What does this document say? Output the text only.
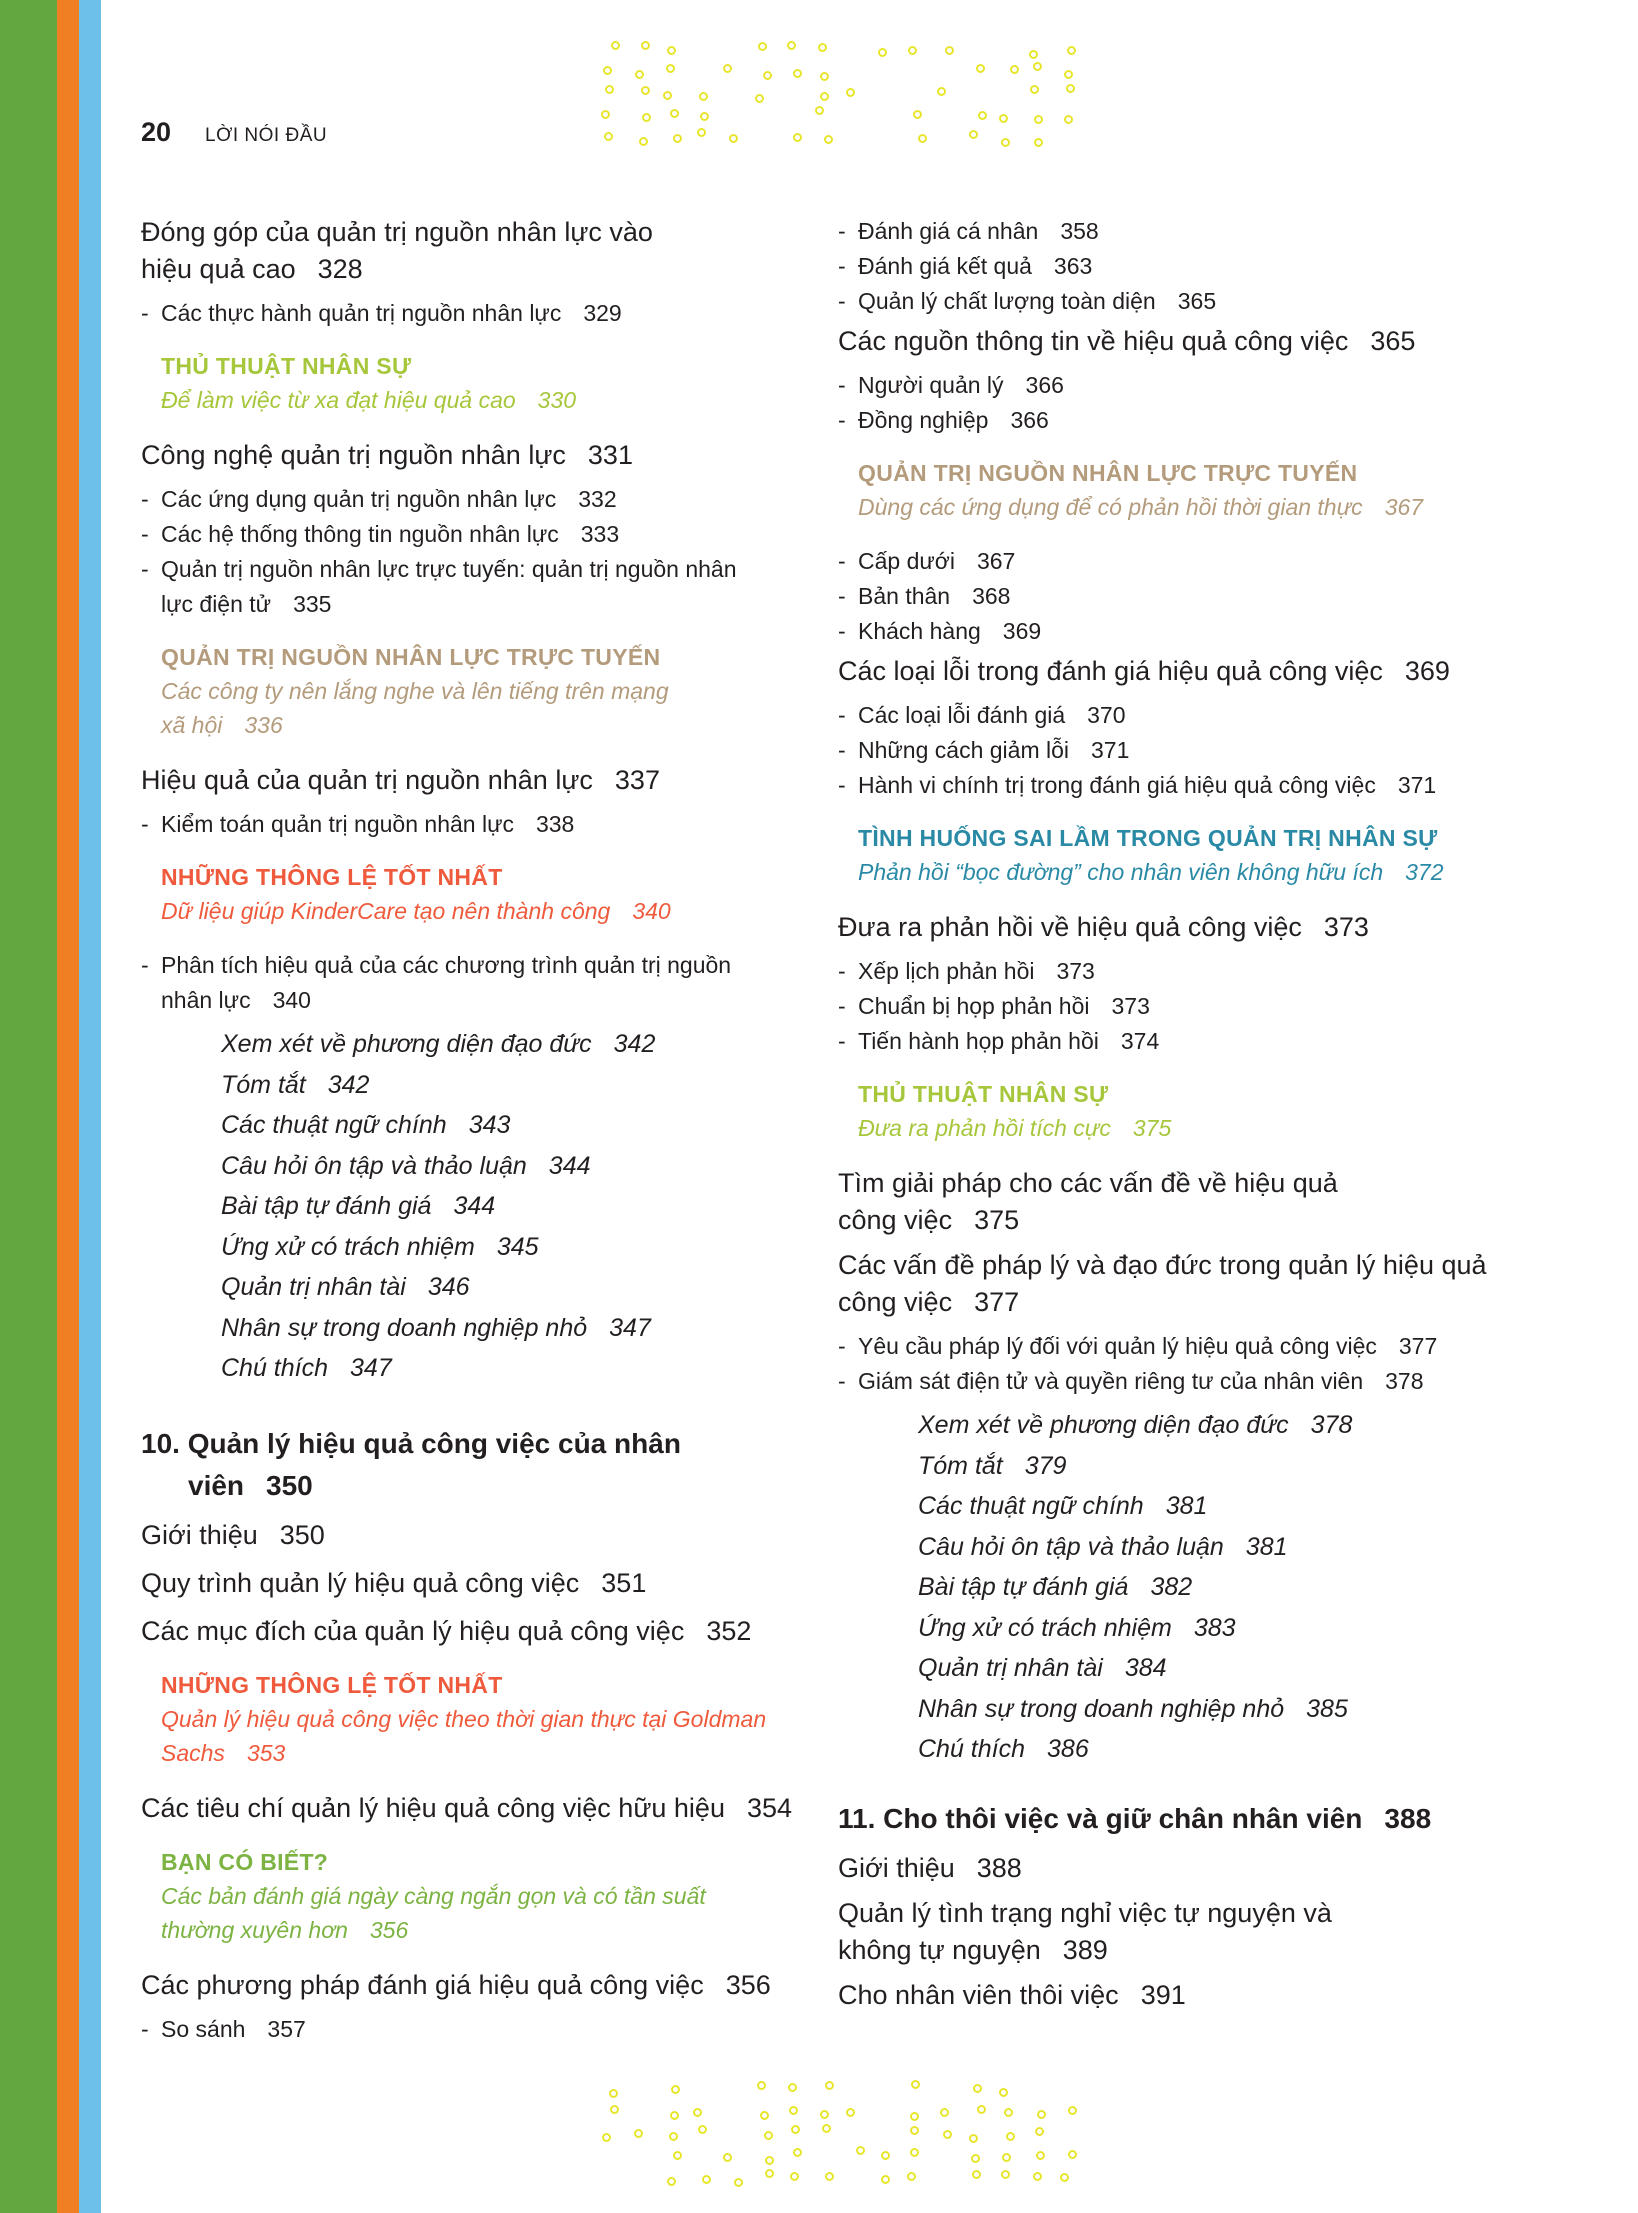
20 LỜI NÓI ĐẦU
Đóng góp của quản trị nguồn nhân lực vào
hiệu quả cao 328
- Các thực hành quản trị nguồn nhân lực 329
THỦ THUẬT NHÂN SỰ
Để làm việc từ xa đạt hiệu quả cao 330
Công nghệ quản trị nguồn nhân lực 331
- Các ứng dụng quản trị nguồn nhân lực 332
- Các hệ thống thông tin nguồn nhân lực 333
- Quản trị nguồn nhân lực trực tuyến: quản trị nguồn nhân
lực điện tử 335
QUẢN TRỊ NGUỒN NHÂN LỰC TRỰC TUYẾN
Các công ty nên lắng nghe và lên tiếng trên mạng
xã hội 336
Hiệu quả của quản trị nguồn nhân lực 337
- Kiểm toán quản trị nguồn nhân lực 338
NHỮNG THÔNG LỆ TỐT NHẤT
Dữ liệu giúp KinderCare tạo nên thành công 340
- Phân tích hiệu quả của các chương trình quản trị nguồn
nhân lực 340
Xem xét về phương diện đạo đức 342
Tóm tắt 342
Các thuật ngữ chính 343
Câu hỏi ôn tập và thảo luận 344
Bài tập tự đánh giá 344
Ứng xử có trách nhiệm 345
Quản trị nhân tài 346
Nhân sự trong doanh nghiệp nhỏ 347
Chú thích 347
10. Quản lý hiệu quả công việc của nhân
viên 350
Giới thiệu 350
Quy trình quản lý hiệu quả công việc 351
Các mục đích của quản lý hiệu quả công việc 352
NHỮNG THÔNG LỆ TỐT NHẤT
Quản lý hiệu quả công việc theo thời gian thực tại Goldman
Sachs 353
Các tiêu chí quản lý hiệu quả công việc hữu hiệu 354
BẠN CÓ BIẾT?
Các bản đánh giá ngày càng ngắn gọn và có tần suất
thường xuyên hơn 356
Các phương pháp đánh giá hiệu quả công việc 356
- So sánh 357
- Đánh giá cá nhân 358
- Đánh giá kết quả 363
- Quản lý chất lượng toàn diện 365
Các nguồn thông tin về hiệu quả công việc 365
- Người quản lý 366
- Đồng nghiệp 366
QUẢN TRỊ NGUỒN NHÂN LỰC TRỰC TUYẾN
Dùng các ứng dụng để có phản hồi thời gian thực 367
- Cấp dưới 367
- Bản thân 368
- Khách hàng 369
Các loại lỗi trong đánh giá hiệu quả công việc 369
- Các loại lỗi đánh giá 370
- Những cách giảm lỗi 371
- Hành vi chính trị trong đánh giá hiệu quả công việc 371
TÌNH HUỐNG SAI LẦM TRONG QUẢN TRỊ NHÂN SỰ
Phản hồi “bọc đường” cho nhân viên không hữu ích 372
Đưa ra phản hồi về hiệu quả công việc 373
- Xếp lịch phản hồi 373
- Chuẩn bị họp phản hồi 373
- Tiến hành họp phản hồi 374
THỦ THUẬT NHÂN SỰ
Đưa ra phản hồi tích cực 375
Tìm giải pháp cho các vấn đề về hiệu quả
công việc 375
Các vấn đề pháp lý và đạo đức trong quản lý hiệu quả
công việc 377
- Yêu cầu pháp lý đối với quản lý hiệu quả công việc 377
- Giám sát điện tử và quyền riêng tư của nhân viên 378
Xem xét về phương diện đạo đức 378
Tóm tắt 379
Các thuật ngữ chính 381
Câu hỏi ôn tập và thảo luận 381
Bài tập tự đánh giá 382
Ứng xử có trách nhiệm 383
Quản trị nhân tài 384
Nhân sự trong doanh nghiệp nhỏ 385
Chú thích 386
11. Cho thôi việc và giữ chân nhân viên 388
Giới thiệu 388
Quản lý tình trạng nghỉ việc tự nguyện và
không tự nguyện 389
Cho nhân viên thôi việc 391
